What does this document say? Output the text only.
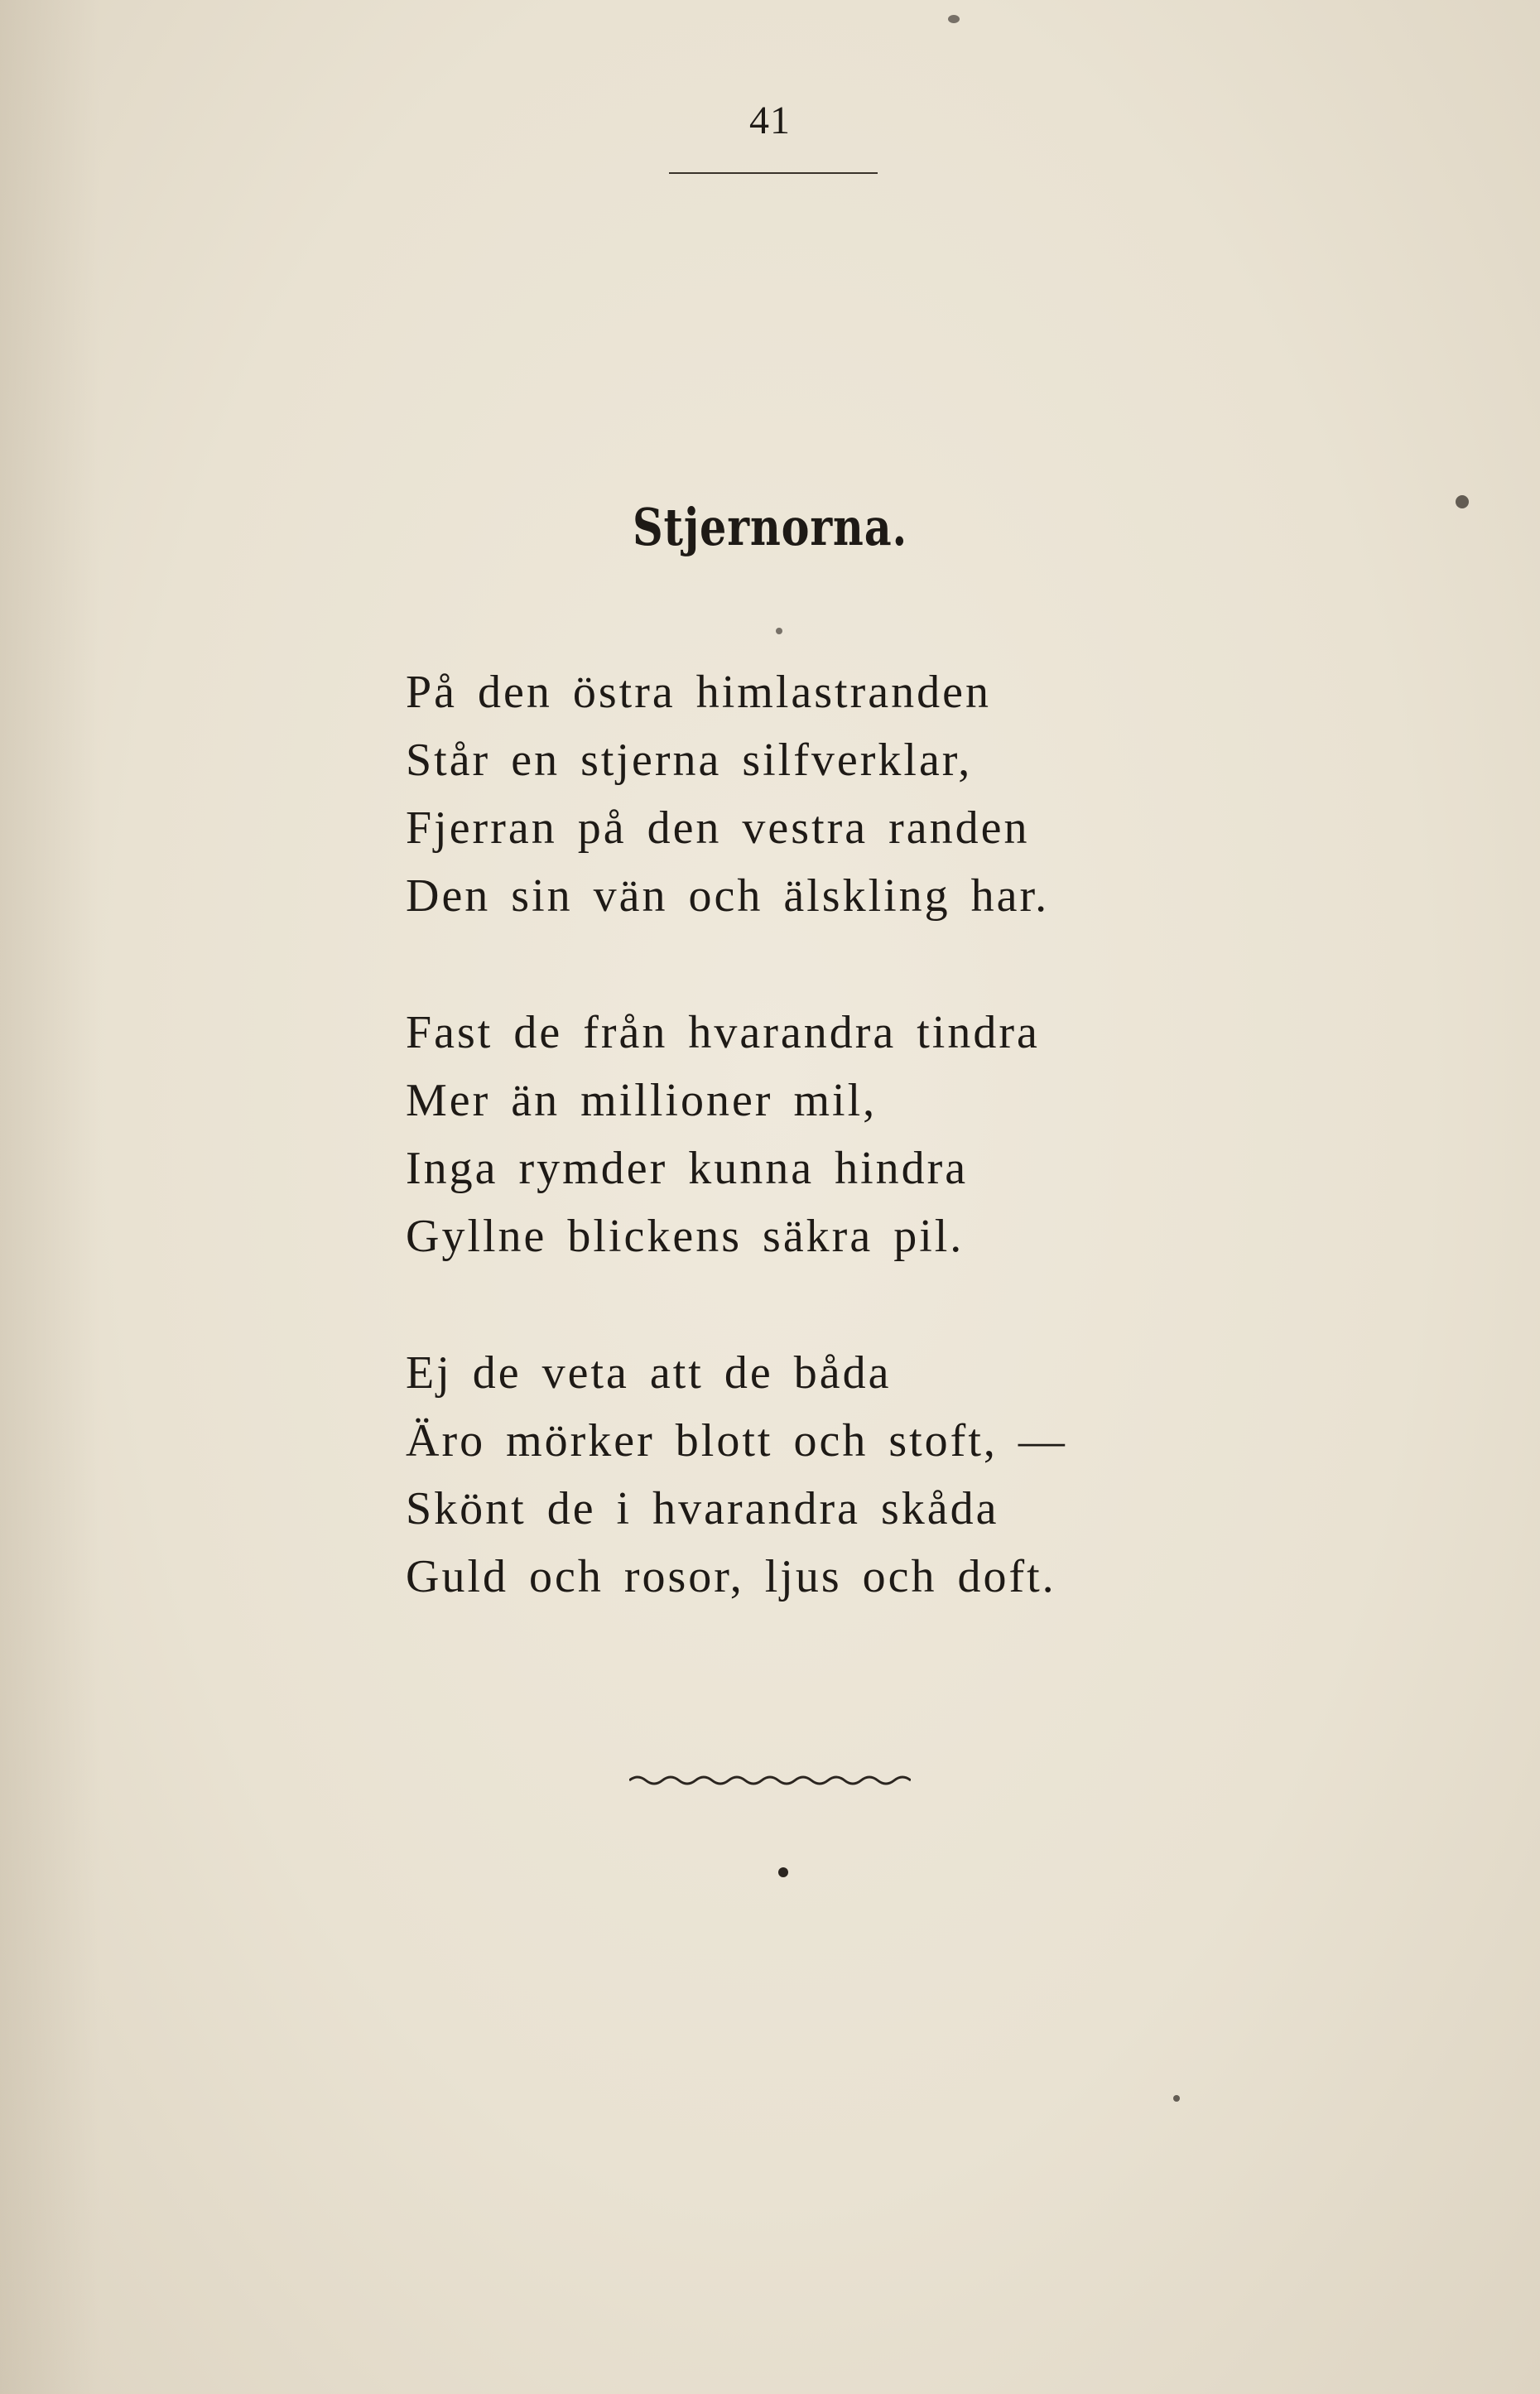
41
Stjernorna.
På den östra himlastranden
Står en stjerna silfverklar,
Fjerran på den vestra randen
Den sin vän och älskling har.
Fast de från hvarandra tindra
Mer än millioner mil,
Inga rymder kunna hindra
Gyllne blickens säkra pil.
Ej de veta att de båda
Äro mörker blott och stoft, —
Skönt de i hvarandra skåda
Guld och rosor, ljus och doft.
